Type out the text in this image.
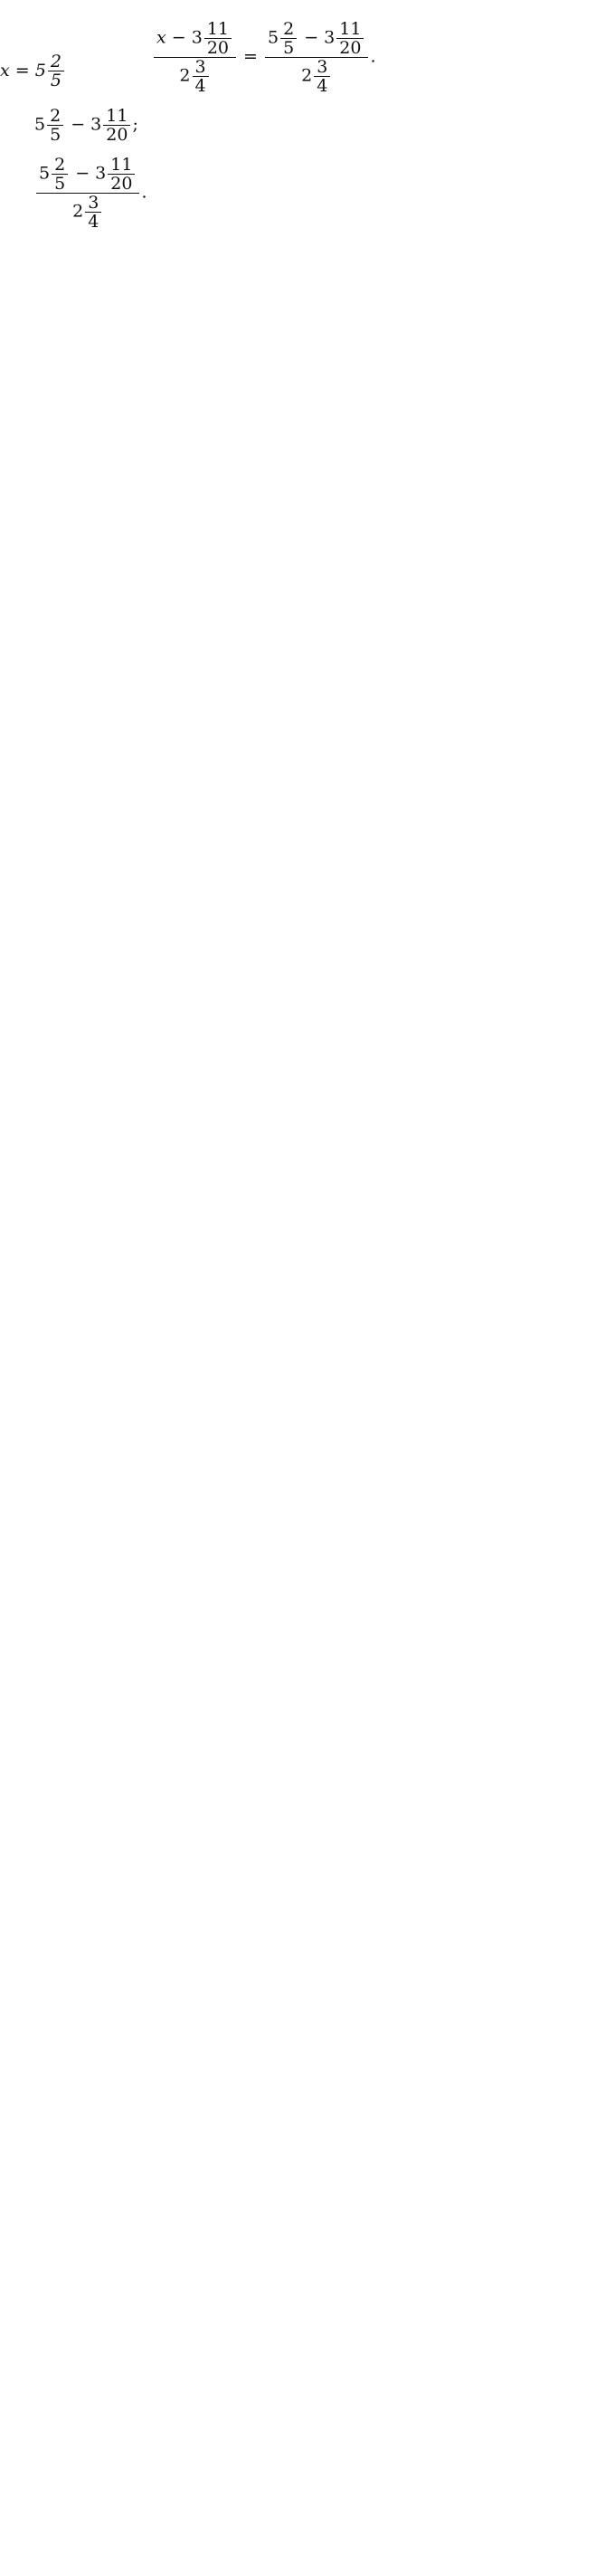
$x = 5 \frac{2}{5}$	$\frac{x - 3 \frac{11}{20}}{2 \frac{3}{4}} = \frac{5 \frac{2}{5} - 3 \frac{11}{20}}{2 \frac{3}{4}}$ .
$5 \frac{2}{5} - 3 \frac{11}{20}$ ;
$\frac{5 \frac{2}{5} - 3 \frac{11}{20}}{2 \frac{3}{4}}$ .
